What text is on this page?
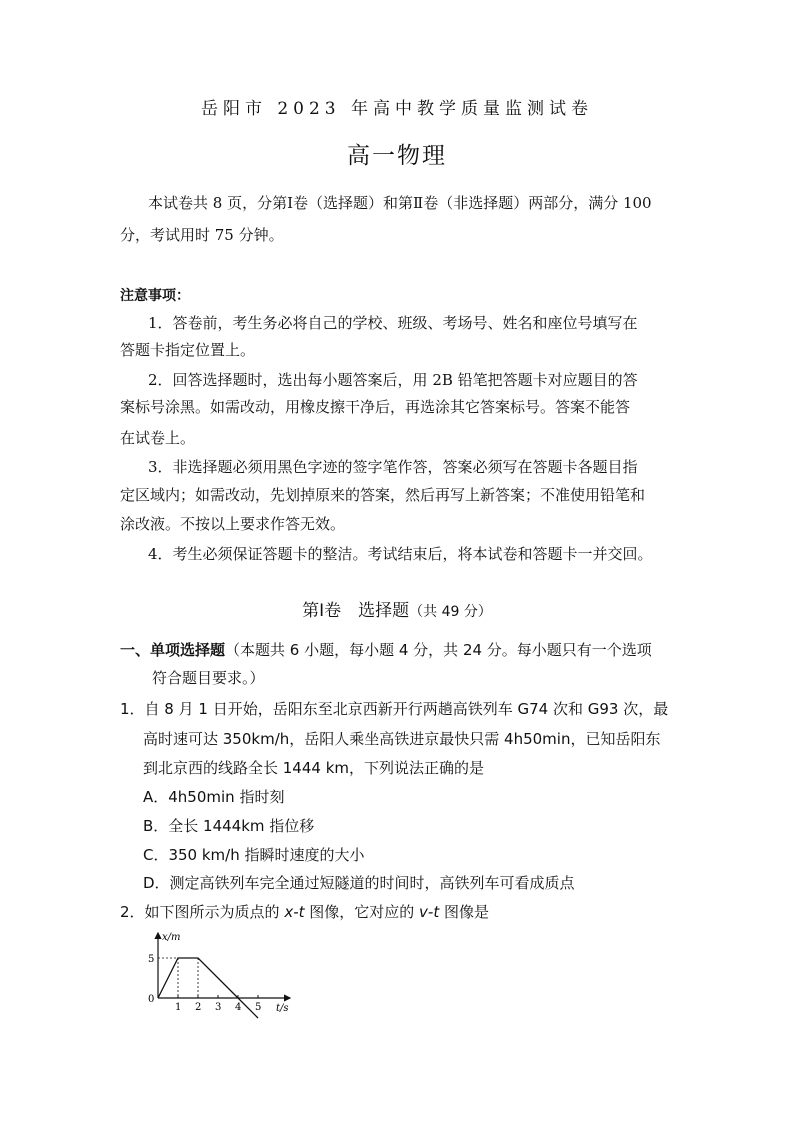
岳阳市 2023 年高中教学质量监测试卷
高一物理
本试卷共 8 页，分第Ⅰ卷（选择题）和第Ⅱ卷（非选择题）两部分，满分 100
分，考试用时 75 分钟。
注意事项：
1．答卷前，考生务必将自己的学校、班级、考场号、姓名和座位号填写在
答题卡指定位置上。
2．回答选择题时，选出每小题答案后，用 2B 铅笔把答题卡对应题目的答
案标号涂黑。如需改动，用橡皮擦干净后，再选涂其它答案标号。答案不能答
在试卷上。
3．非选择题必须用黑色字迹的签字笔作答，答案必须写在答题卡各题目指
定区域内；如需改动，先划掉原来的答案，然后再写上新答案；不准使用铅笔和
涂改液。不按以上要求作答无效。
4．考生必须保证答题卡的整洁。考试结束后，将本试卷和答题卡一并交回。
第Ⅰ卷　选择题（共 49 分）
一、单项选择题（本题共 6 小题，每小题 4 分，共 24 分。每小题只有一个选项
符合题目要求。）
1．自 8 月 1 日开始，岳阳东至北京西新开行两趟高铁列车 G74 次和 G93 次，最
高时速可达 350km/h，岳阳人乘坐高铁进京最快只需 4h50min，已知岳阳东
到北京西的线路全长 1444 km，下列说法正确的是
A．4h50min 指时刻
B．全长 1444km 指位移
C．350 km/h 指瞬时速度的大小
D．测定高铁列车完全通过短隧道的时间时，高铁列车可看成质点
2．如下图所示为质点的 x-t 图像，它对应的 v-t 图像是
x/m
t/s
0
5
1 2 3 4 5
